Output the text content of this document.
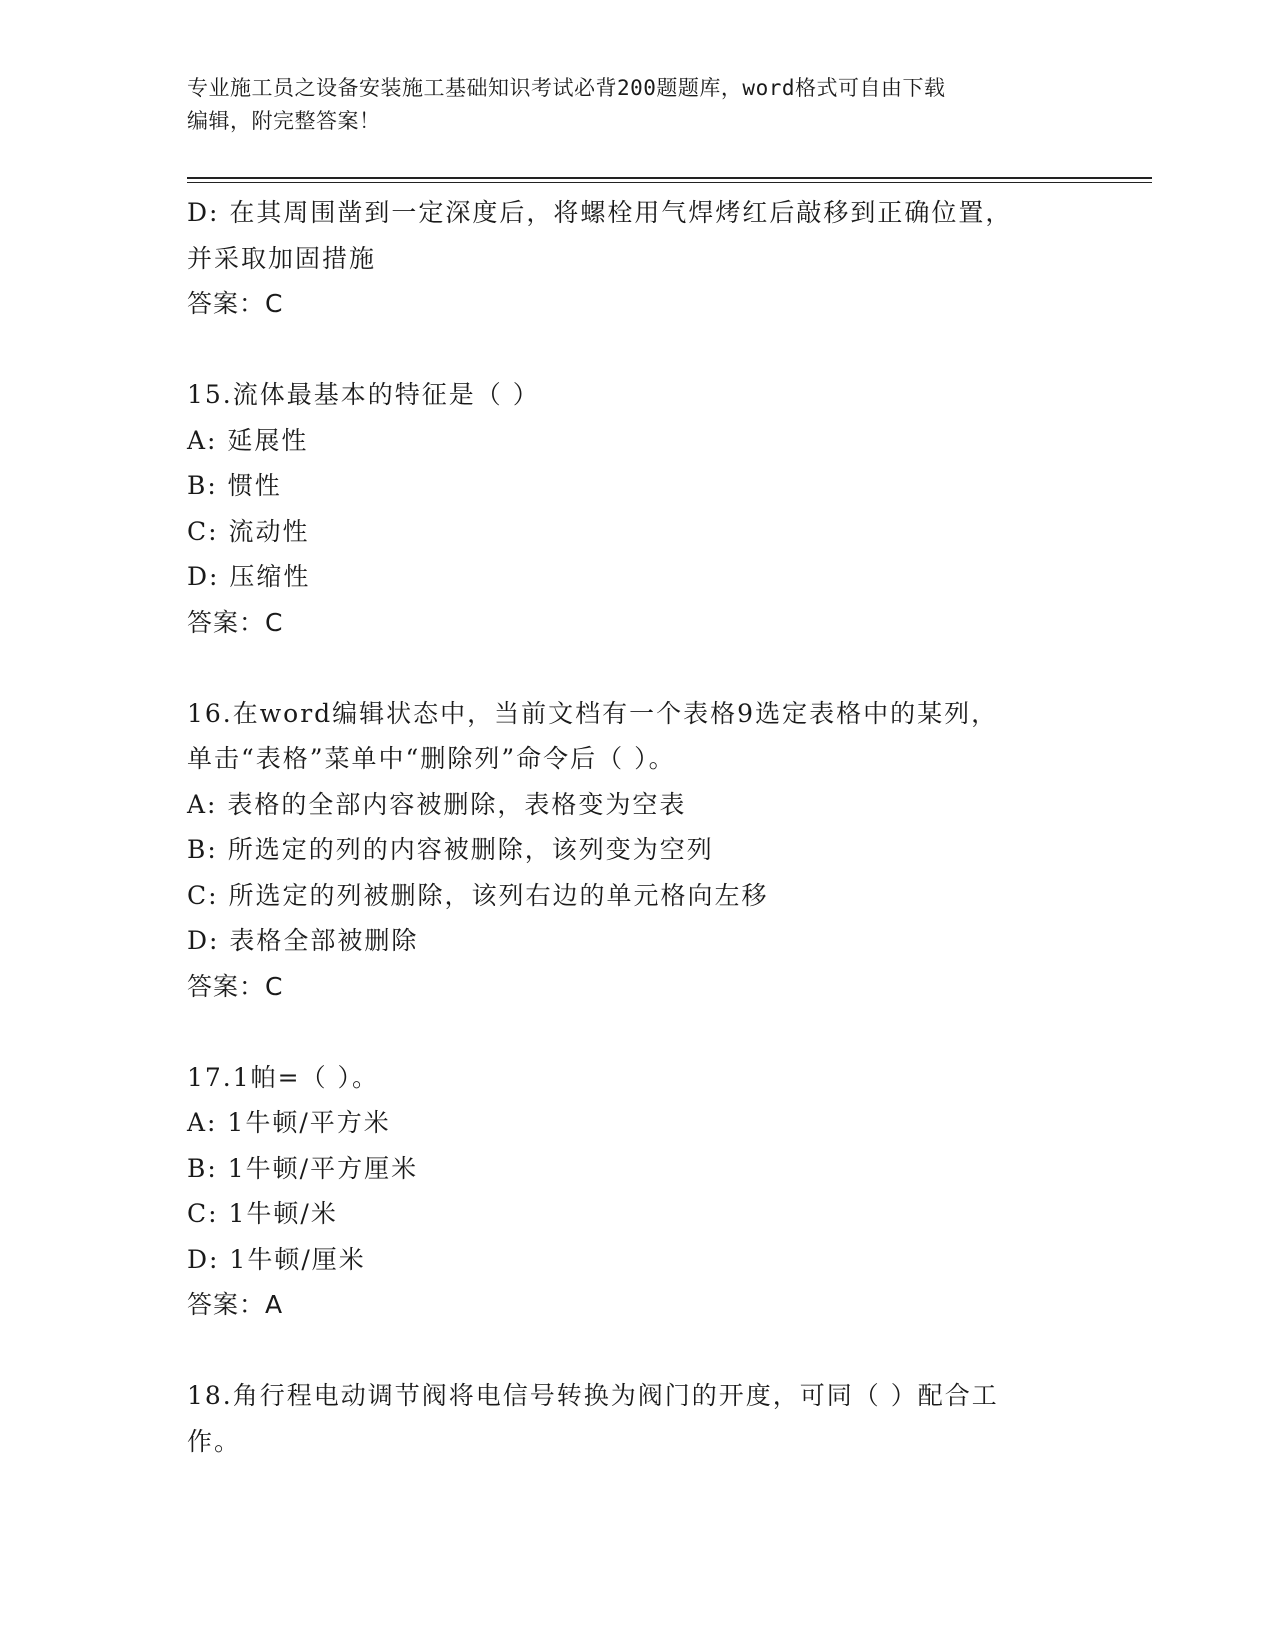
专业施工员之设备安装施工基础知识考试必背200题题库，word格式可自由下载
编辑，附完整答案！
D: 在其周围凿到一定深度后，将螺栓用气焊烤红后敲移到正确位置，
并采取加固措施
答案：C
15.流体最基本的特征是（ ）
A: 延展性
B: 惯性
C: 流动性
D: 压缩性
答案：C
16.在word编辑状态中，当前文档有一个表格9选定表格中的某列，
单击“表格”菜单中“删除列”命令后（ ）。
A: 表格的全部内容被删除，表格变为空表
B: 所选定的列的内容被删除，该列变为空列
C: 所选定的列被删除，该列右边的单元格向左移
D: 表格全部被删除
答案：C
17.1帕=（ ）。
A: 1牛顿/平方米
B: 1牛顿/平方厘米
C: 1牛顿/米
D: 1牛顿/厘米
答案：A
18.角行程电动调节阀将电信号转换为阀门的开度，可同（ ）配合工
作。
